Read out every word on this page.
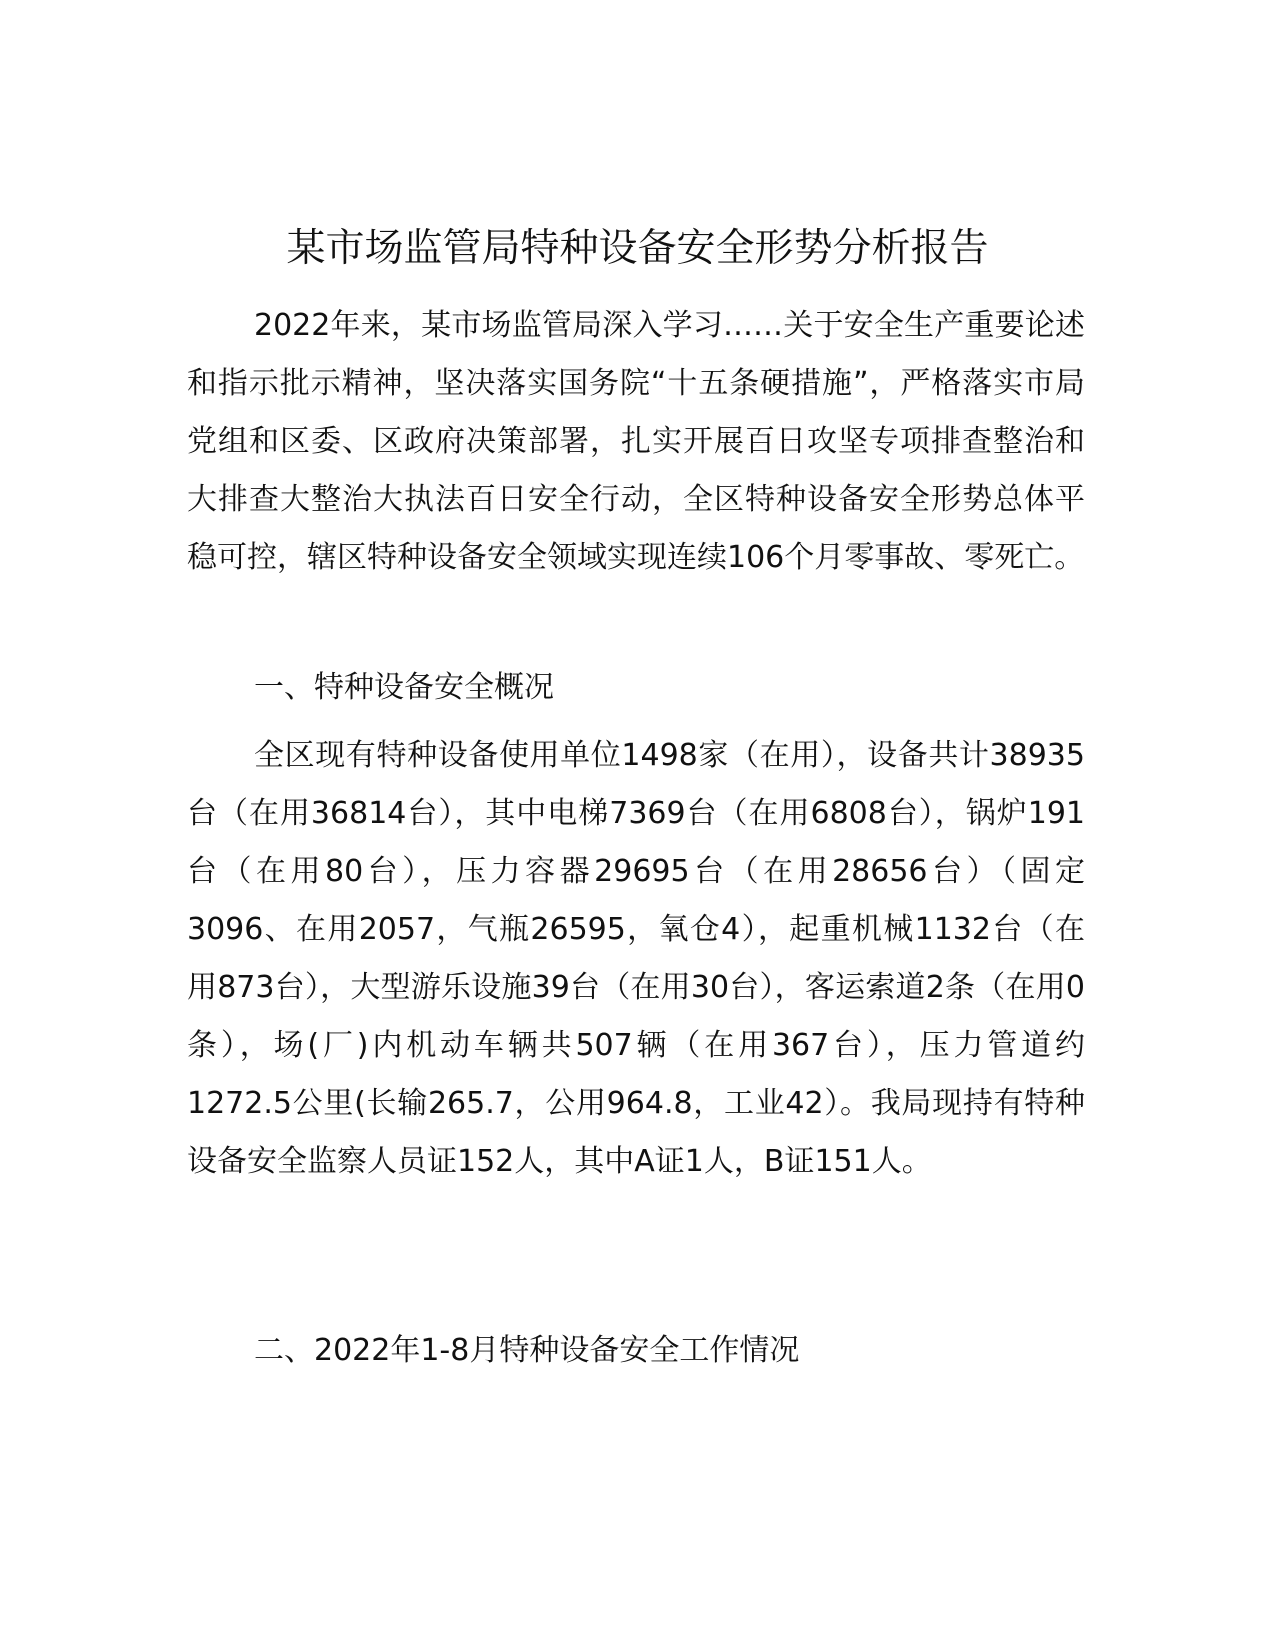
某市场监管局特种设备安全形势分析报告

2022年来，某市场监管局深入学习……关于安全生产重要论述和指示批示精神，坚决落实国务院“十五条硬措施”，严格落实市局党组和区委、区政府决策部署，扎实开展百日攻坚专项排查整治和大排查大整治大执法百日安全行动，全区特种设备安全形势总体平稳可控，辖区特种设备安全领域实现连续106个月零事故、零死亡。

一、特种设备安全概况

全区现有特种设备使用单位1498家（在用），设备共计38935台（在用36814台），其中电梯7369台（在用6808台），锅炉191台（在用80台），压力容器29695台（在用28656台）（固定3096、在用2057，气瓶26595，氧仓4），起重机械1132台（在用873台），大型游乐设施39台（在用30台），客运索道2条（在用0条），场(厂)内机动车辆共507辆（在用367台），压力管道约1272.5公里(长输265.7，公用964.8，工业42）。我局现持有特种设备安全监察人员证152人，其中A证1人，B证151人。

二、2022年1-8月特种设备安全工作情况
